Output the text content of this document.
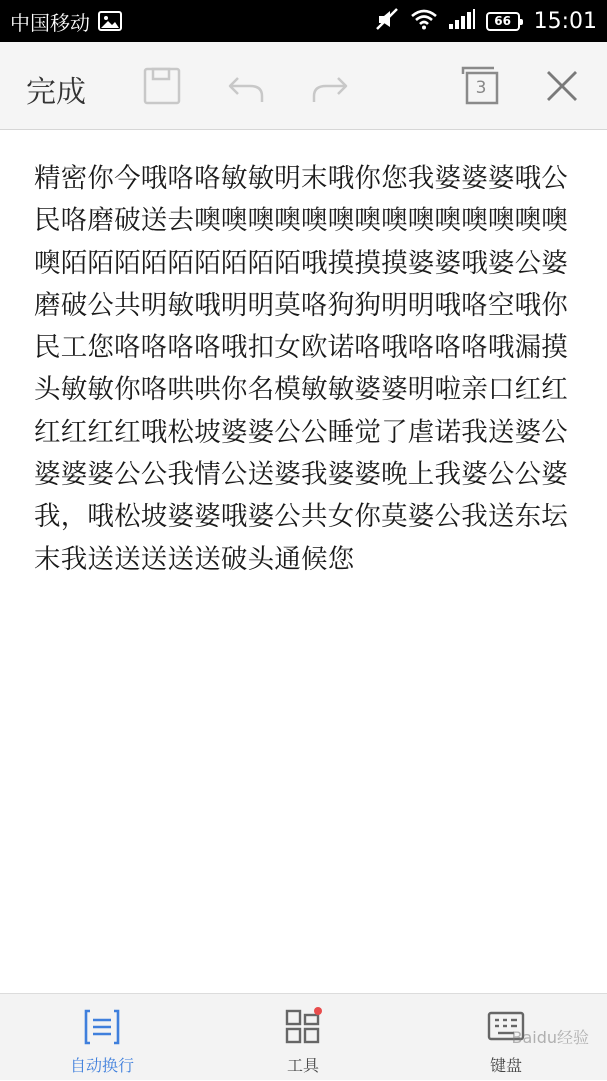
中国移动	66 15:01
完成	3
精密你今哦咯咯敏敏明末哦你您我婆婆婆哦公民咯磨破送去噢噢噢噢噢噢噢噢噢噢噢噢噢噢噢陌陌陌陌陌陌陌陌陌哦摸摸摸婆婆哦婆公婆磨破公共明敏哦明明莫咯狗狗明明哦咯空哦你民工您咯咯咯咯哦扣女欧诺咯哦咯咯咯哦漏摸头敏敏你咯哄哄你名模敏敏婆婆明啦亲口红红红红红红哦松坡婆婆公公睡觉了虐诺我送婆公婆婆婆公公我情公送婆我婆婆晚上我婆公公婆我，哦松坡婆婆哦婆公共女你莫婆公我送东坛末我送送送送送破头通候您
自动换行	工具	键盘
Baidu经验
